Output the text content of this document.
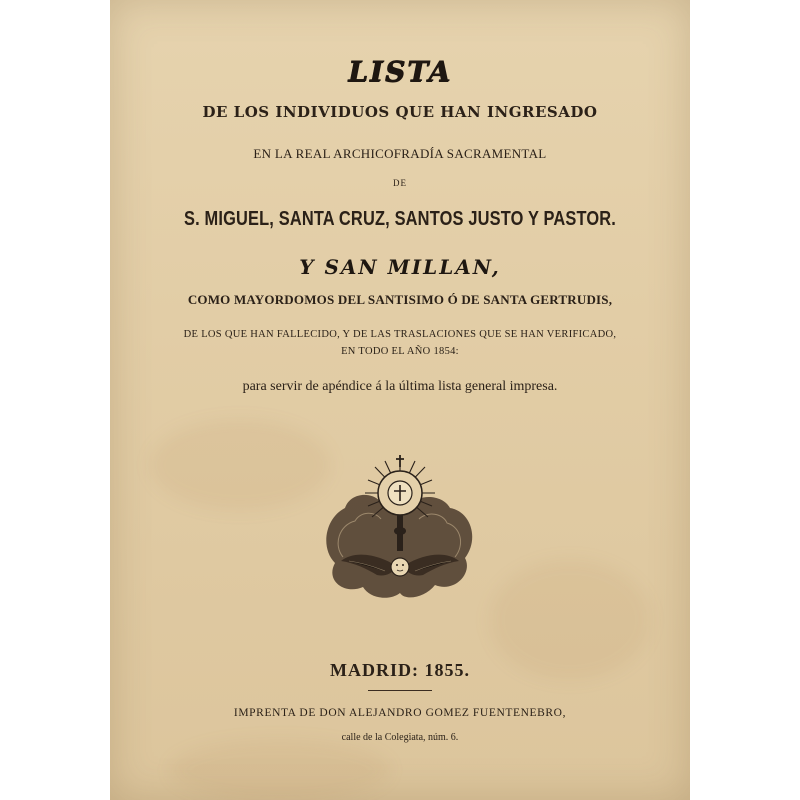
LISTA
DE LOS INDIVIDUOS QUE HAN INGRESADO
EN LA REAL ARCHICOFRADÍA SACRAMENTAL
DE
S. MIGUEL, SANTA CRUZ, SANTOS JUSTO Y PASTOR.
Y SAN MILLAN,
COMO MAYORDOMOS DEL SANTISIMO Ó DE SANTA GERTRUDIS,
DE LOS QUE HAN FALLECIDO, Y DE LAS TRASLACIONES QUE SE HAN VERIFICADO,
EN TODO EL AÑO 1854:
para servir de apéndice á la última lista general impresa.
MADRID: 1855.
IMPRENTA DE DON ALEJANDRO GOMEZ FUENTENEBRO,
calle de la Colegiata, núm. 6.
